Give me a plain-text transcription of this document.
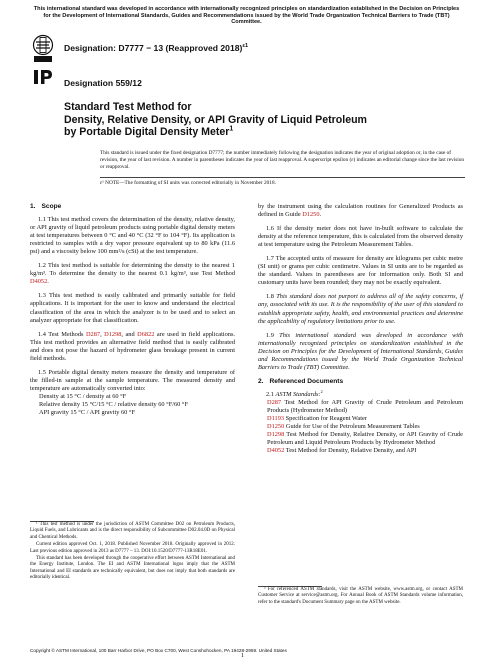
This international standard was developed in accordance with internationally recognized principles on standardization established in the Decision on Principles for the Development of International Standards, Guides and Recommendations issued by the World Trade Organization Technical Barriers to Trade (TBT) Committee.
Designation: D7777 − 13 (Reapproved 2018)$^{\varepsilon 1}$
Designation 559/12
Standard Test Method for
Density, Relative Density, or API Gravity of Liquid Petroleum
by Portable Digital Density Meter$^1$
This standard is issued under the fixed designation D7777; the number immediately following the designation indicates the year of original adoption or, in the case of revision, the year of last revision. A number in parentheses indicates the year of last reapproval. A superscript epsilon (ε) indicates an editorial change since the last revision or reapproval.
ε¹ NOTE—The formatting of SI units was corrected editorially in November 2018.
1. Scope

1.1 This test method covers the determination of the density, relative density, or API gravity of liquid petroleum products using portable digital density meters at test temperatures between 0 °C and 40 °C (32 °F to 104 °F). Its application is restricted to samples with a dry vapor pressure equivalent up to 80 kPa (11.6 psi) and a viscosity below 100 mm²/s (cSt) at the test temperature.

1.2 This test method is suitable for determining the density to the nearest 1 kg/m³. To determine the density to the nearest 0.1 kg/m³, use Test Method D4052.

1.3 This test method is easily calibrated and primarily suitable for field applications. It is important for the user to know and understand the electrical classification of the area in which the analyzer is to be used and to select an analyzer appropriate for that classification.

1.4 Test Methods D287, D1298, and D6822 are used in field applications. This test method provides an alternative field method that is easily calibrated and does not pose the hazard of hydrometer glass breakage present in current field methods.

1.5 Portable digital density meters measure the density and temperature of the filled-in sample at the sample temperature. The measured density and temperature are automatically converted into:

Density at 15 °C / density at 60 °F

Relative density 15 °C/15 °C / relative density 60 °F/60 °F

API gravity 15 °C / API gravity 60 °F

by the instrument using the calculation routines for Generalized Products as defined in Guide D1250.

1.6 If the density meter does not have in-built software to calculate the density at the reference temperature, this is calculated from the observed density at test temperature using the Petroleum Measurement Tables.

1.7 The accepted units of measure for density are kilograms per cubic metre (SI unit) or grams per cubic centimetre. Values in SI units are to be regarded as the standard. Values in parentheses are for information only. Both SI and customary units have been rounded; they may not be exactly equivalent.

1.8 This standard does not purport to address all of the safety concerns, if any, associated with its use. It is the responsibility of the user of this standard to establish appropriate safety, health, and environmental practices and determine the applicability of regulatory limitations prior to use.

1.9 This international standard was developed in accordance with internationally recognized principles on standardization established in the Decision on Principles for the Development of International Standards, Guides and Recommendations issued by the World Trade Organization Technical Barriers to Trade (TBT) Committee.

2. Referenced Documents

2.1 ASTM Standards:$^2$

D287 Test Method for API Gravity of Crude Petroleum and Petroleum Products (Hydrometer Method)

D1193 Specification for Reagent Water

D1250 Guide for Use of the Petroleum Measurement Tables

D1298 Test Method for Density, Relative Density, or API Gravity of Crude Petroleum and Liquid Petroleum Products by Hydrometer Method

D4052 Test Method for Density, Relative Density, and API

¹ This test method is under the jurisdiction of ASTM Committee D02 on Petroleum Products, Liquid Fuels, and Lubricants and is the direct responsibility of Subcommittee D02.04.0D on Physical and Chemical Methods.

Current edition approved Oct. 1, 2018. Published November 2018. Originally approved in 2012. Last previous edition approved in 2013 as D7777 – 13. DOI:10.1520/D7777-13R18E01.

This standard has been developed through the cooperative effort between ASTM International and the Energy Institute, London. The EI and ASTM International logos imply that the ASTM International and EI standards are technically equivalent, but does not imply that both standards are editorially identical.

² For referenced ASTM standards, visit the ASTM website, www.astm.org, or contact ASTM Customer Service at service@astm.org. For Annual Book of ASTM Standards volume information, refer to the standard's Document Summary page on the ASTM website.

Copyright © ASTM International, 100 Barr Harbor Drive, PO Box C700, West Conshohocken, PA 19428-2959. United States
1
